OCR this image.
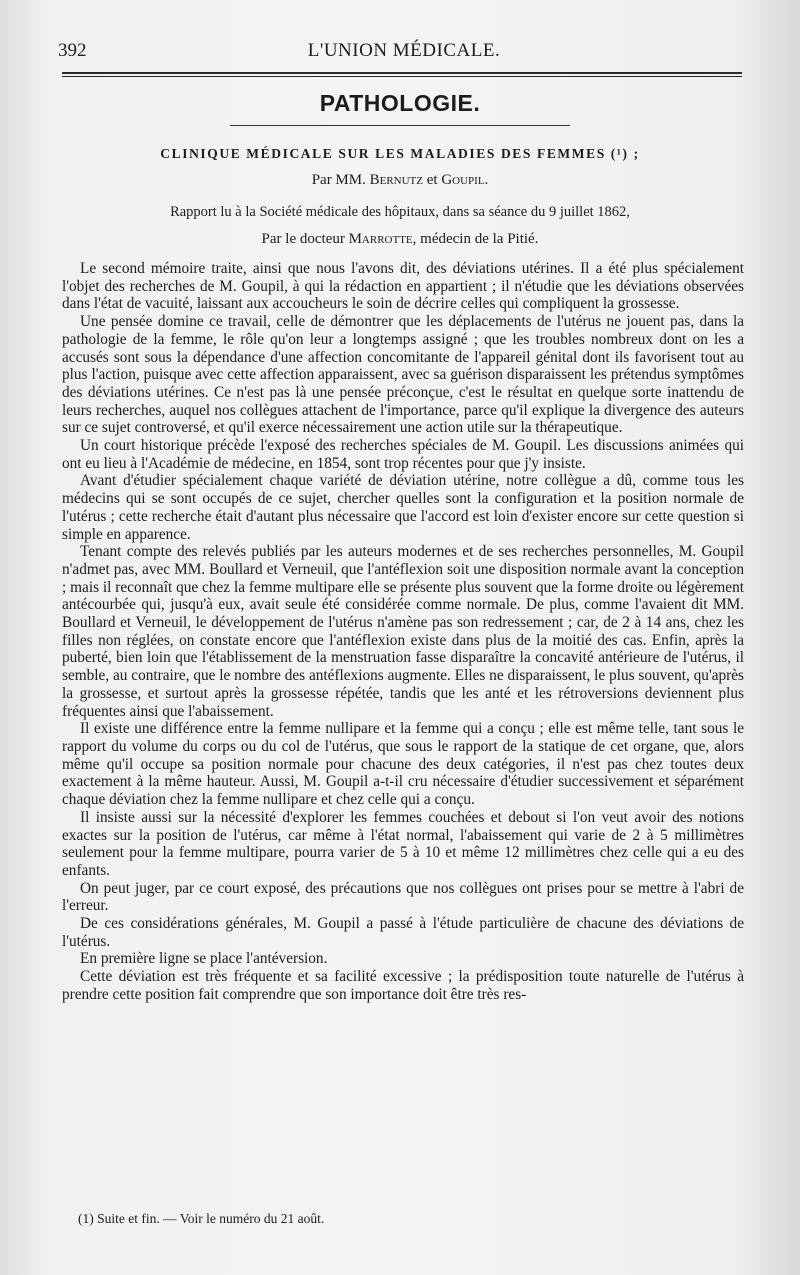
392	L'UNION MÉDICALE.
PATHOLOGIE.
CLINIQUE MÉDICALE SUR LES MALADIES DES FEMMES (¹) ;
Par MM. Bernutz et Goupil.
Rapport lu à la Société médicale des hôpitaux, dans sa séance du 9 juillet 1862,
Par le docteur Marrotte, médecin de la Pitié.

Le second mémoire traite, ainsi que nous l'avons dit, des déviations utérines. Il a été plus spécialement l'objet des recherches de M. Goupil, à qui la rédaction en appartient ; il n'étudie que les déviations observées dans l'état de vacuité, laissant aux accoucheurs le soin de décrire celles qui compliquent la grossesse.

Une pensée domine ce travail, celle de démontrer que les déplacements de l'utérus ne jouent pas, dans la pathologie de la femme, le rôle qu'on leur a longtemps assigné ; que les troubles nombreux dont on les a accusés sont sous la dépendance d'une affection concomitante de l'appareil génital dont ils favorisent tout au plus l'action, puisque avec cette affection apparaissent, avec sa guérison disparaissent les prétendus symptômes des déviations utérines. Ce n'est pas là une pensée préconçue, c'est le résultat en quelque sorte inattendu de leurs recherches, auquel nos collègues attachent de l'importance, parce qu'il explique la divergence des auteurs sur ce sujet controversé, et qu'il exerce nécessairement une action utile sur la thérapeutique.

Un court historique précède l'exposé des recherches spéciales de M. Goupil. Les discussions animées qui ont eu lieu à l'Académie de médecine, en 1854, sont trop récentes pour que j'y insiste.

Avant d'étudier spécialement chaque variété de déviation utérine, notre collègue a dû, comme tous les médecins qui se sont occupés de ce sujet, chercher quelles sont la configuration et la position normale de l'utérus ; cette recherche était d'autant plus nécessaire que l'accord est loin d'exister encore sur cette question si simple en apparence.

Tenant compte des relevés publiés par les auteurs modernes et de ses recherches personnelles, M. Goupil n'admet pas, avec MM. Boullard et Verneuil, que l'antéflexion soit une disposition normale avant la conception ; mais il reconnaît que chez la femme multipare elle se présente plus souvent que la forme droite ou légèrement antécourbée qui, jusqu'à eux, avait seule été considérée comme normale. De plus, comme l'avaient dit MM. Boullard et Verneuil, le développement de l'utérus n'amène pas son redressement ; car, de 2 à 14 ans, chez les filles non réglées, on constate encore que l'antéflexion existe dans plus de la moitié des cas. Enfin, après la puberté, bien loin que l'établissement de la menstruation fasse disparaître la concavité antérieure de l'utérus, il semble, au contraire, que le nombre des antéflexions augmente. Elles ne disparaissent, le plus souvent, qu'après la grossesse, et surtout après la grossesse répétée, tandis que les anté et les rétroversions deviennent plus fréquentes ainsi que l'abaissement.

Il existe une différence entre la femme nullipare et la femme qui a conçu ; elle est même telle, tant sous le rapport du volume du corps ou du col de l'utérus, que sous le rapport de la statique de cet organe, que, alors même qu'il occupe sa position normale pour chacune des deux catégories, il n'est pas chez toutes deux exactement à la même hauteur. Aussi, M. Goupil a-t-il cru nécessaire d'étudier successivement et séparément chaque déviation chez la femme nullipare et chez celle qui a conçu.

Il insiste aussi sur la nécessité d'explorer les femmes couchées et debout si l'on veut avoir des notions exactes sur la position de l'utérus, car même à l'état normal, l'abaissement qui varie de 2 à 5 millimètres seulement pour la femme multipare, pourra varier de 5 à 10 et même 12 millimètres chez celle qui a eu des enfants.

On peut juger, par ce court exposé, des précautions que nos collègues ont prises pour se mettre à l'abri de l'erreur.

De ces considérations générales, M. Goupil a passé à l'étude particulière de chacune des déviations de l'utérus.

En première ligne se place l'antéversion.

Cette déviation est très fréquente et sa facilité excessive ; la prédisposition toute naturelle de l'utérus à prendre cette position fait comprendre que son importance doit être très res-

(1) Suite et fin. — Voir le numéro du 21 août.
